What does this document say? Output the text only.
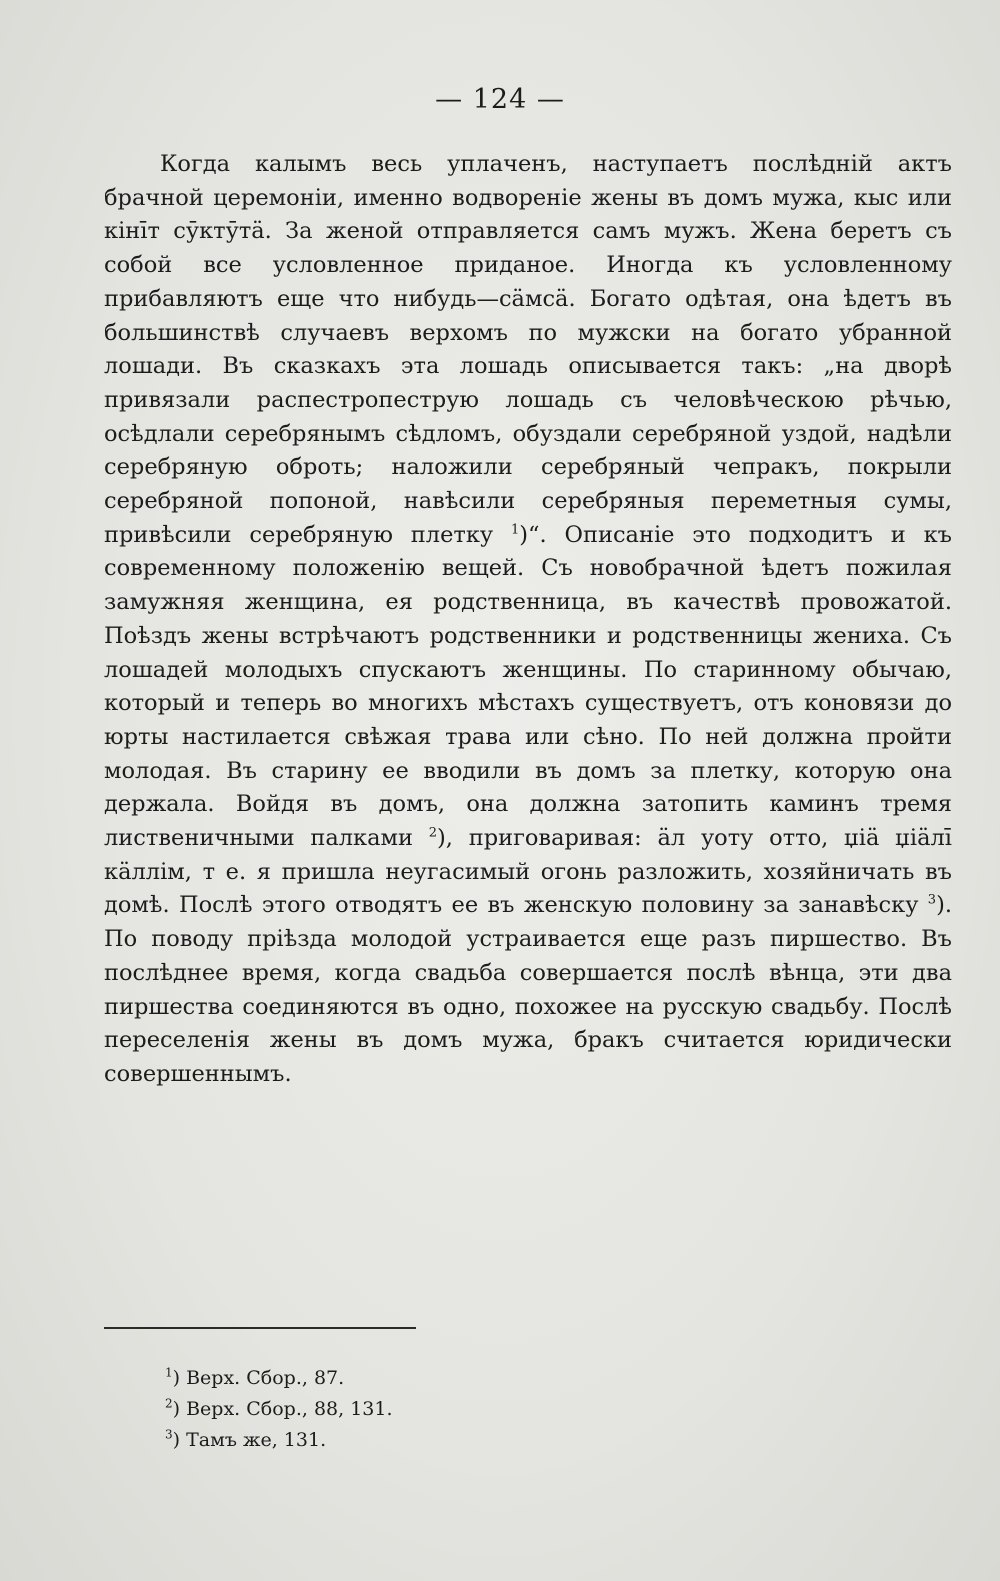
— 124 —

Когда калымъ весь уплаченъ, наступаетъ послѣднiй актъ брачной церемонiи, именно водворенiе жены въ домъ мужа, кыс или кiнīт сӯктӯтä. За женой отправляется самъ мужъ. Жена беретъ съ собой все условленное приданое. Иногда къ условленному прибавляютъ еще что нибудь—сäмсä. Богато одѣтая, она ѣдетъ въ большинствѣ случаевъ верхомъ по мужски на богато убранной лошади. Въ сказкахъ эта лошадь описывается такъ: „на дворѣ привязали распестропеструю лошадь съ человѣческою рѣчью, осѣдлали серебрянымъ сѣдломъ, обуздали серебряной уздой, надѣли серебряную оброть; наложили серебряный чепракъ, покрыли серебряной попоной, навѣсили серебряныя переметныя сумы, привѣсили серебряную плетку $^1$)“. Описанiе это подходитъ и къ современному положенiю вещей. Съ новобрачной ѣдетъ пожилая замужняя женщина, ея родственница, въ качествѣ провожатой. Поѣздъ жены встрѣчаютъ родственники и родственницы жениха. Съ лошадей молодыхъ спускаютъ женщины. По старинному обычаю, который и теперь во многихъ мѣстахъ существуетъ, отъ коновязи до юрты настилается свѣжая трава или сѣно. По ней должна пройти молодая. Въ старину ее вводили въ домъ за плетку, которую она держала. Войдя въ домъ, она должна затопить каминъ тремя лиственичными палками $^2$), приговаривая: äл уоту отто, џiä џiäлī кäллiм, т е. я пришла неугасимый огонь разложить, хозяйничать въ домѣ. Послѣ этого отводятъ ее въ женскую половину за занавѣску $^3$). По поводу прiѣзда молодой устраивается еще разъ пиршество. Въ послѣднее время, когда свадьба совершается послѣ вѣнца, эти два пиршества соединяются въ одно, похожее на русскую свадьбу. Послѣ переселенiя жены въ домъ мужа, бракъ считается юридически совершеннымъ.

$^1$) Верх. Сбор., 87.
$^2$) Верх. Сбор., 88, 131.
$^3$) Тамъ же, 131.
